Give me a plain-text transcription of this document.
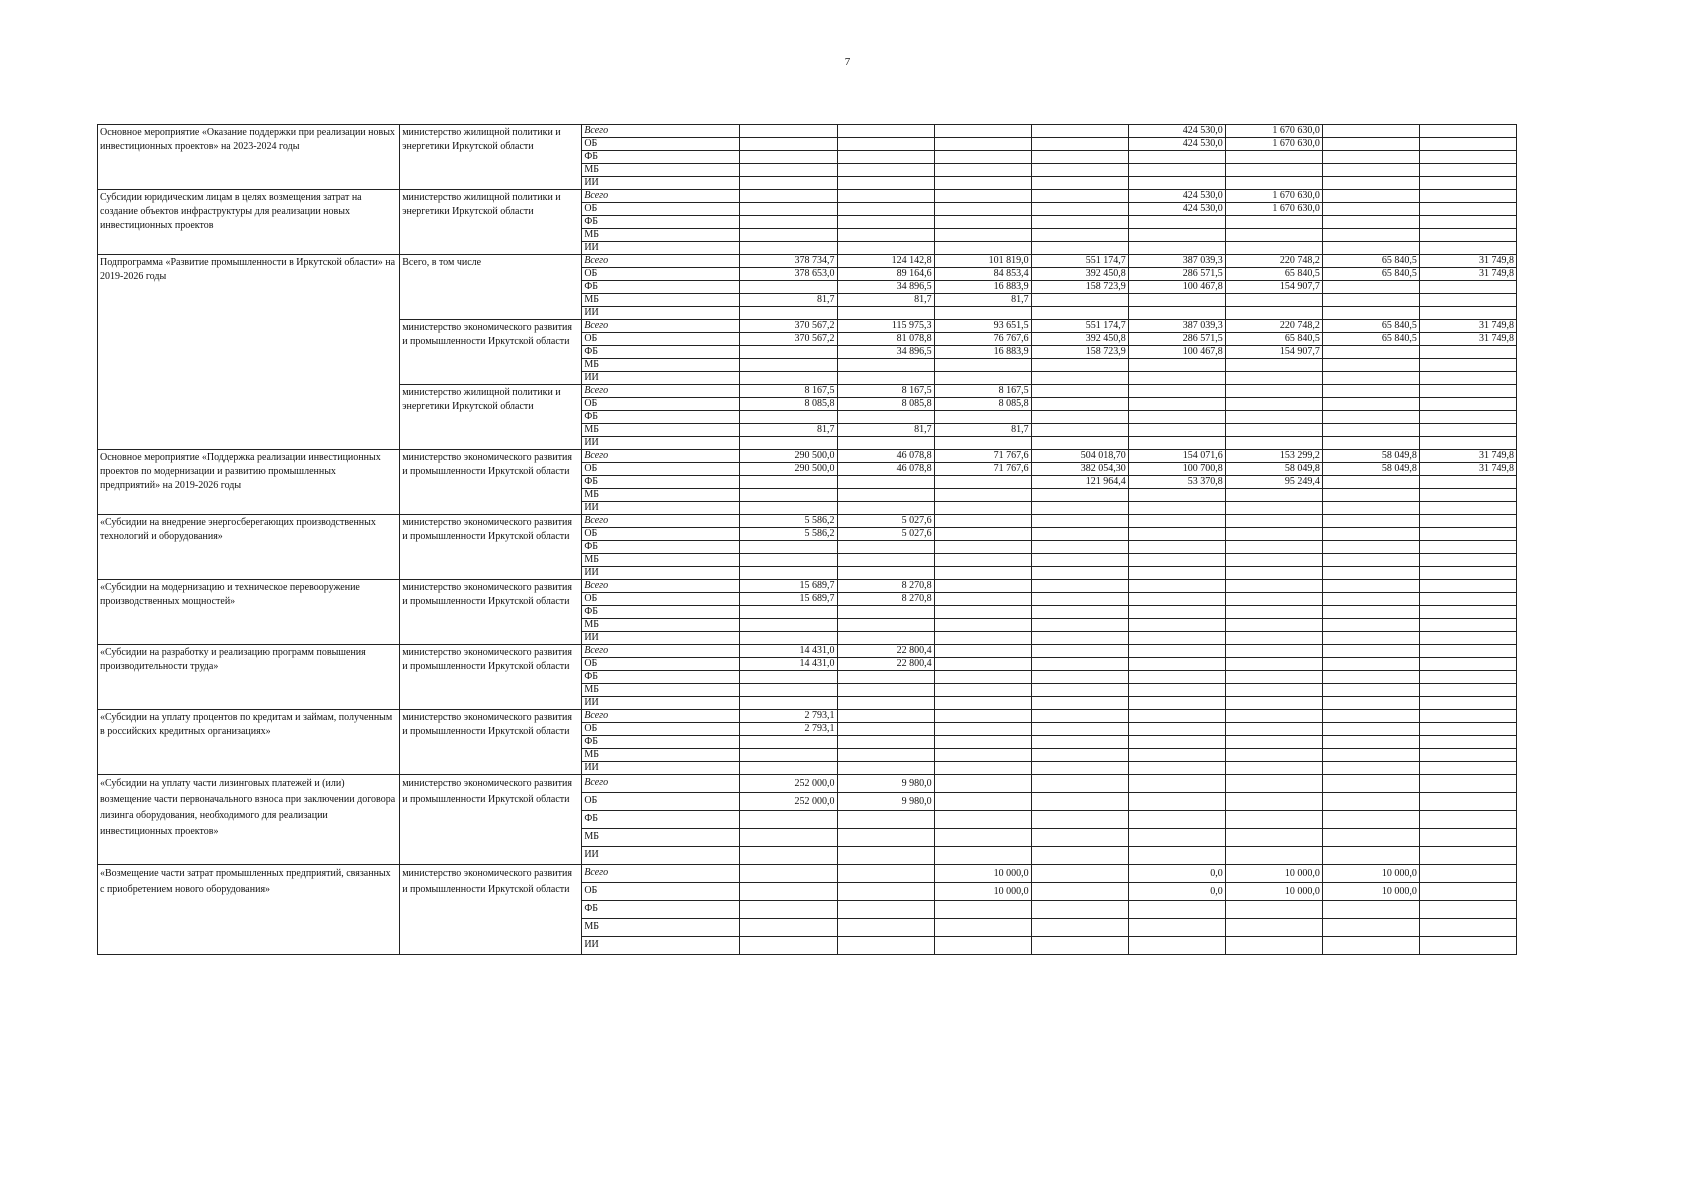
7
Основное мероприятие «Оказание поддержки при реализации новых инвестиционных проектов» на 2023-2024 годы	министерство жилищной политики и энергетики Иркутской области	Всего					424 530,0	1 670 630,0		
		ОБ					424 530,0	1 670 630,0		
		ФБ								
		МБ								
		ИИ								
Субсидии юридическим лицам в целях возмещения затрат на создание объектов инфраструктуры для реализации новых инвестиционных проектов	министерство жилищной политики и энергетики Иркутской области	Всего					424 530,0	1 670 630,0		
		ОБ					424 530,0	1 670 630,0		
		ФБ								
		МБ								
		ИИ								
Подпрограмма «Развитие промышленности в Иркутской области» на 2019-2026 годы	Всего, в том числе	Всего	378 734,7	124 142,8	101 819,0	551 174,7	387 039,3	220 748,2	65 840,5	31 749,8
		ОБ	378 653,0	89 164,6	84 853,4	392 450,8	286 571,5	65 840,5	65 840,5	31 749,8
		ФБ		34 896,5	16 883,9	158 723,9	100 467,8	154 907,7		
		МБ	81,7	81,7	81,7					
		ИИ								
	министерство экономического развития и промышленности Иркутской области	Всего	370 567,2	115 975,3	93 651,5	551 174,7	387 039,3	220 748,2	65 840,5	31 749,8
		ОБ	370 567,2	81 078,8	76 767,6	392 450,8	286 571,5	65 840,5	65 840,5	31 749,8
		ФБ		34 896,5	16 883,9	158 723,9	100 467,8	154 907,7		
		МБ								
		ИИ								
	министерство жилищной политики и энергетики Иркутской области	Всего	8 167,5	8 167,5	8 167,5					
		ОБ	8 085,8	8 085,8	8 085,8					
		ФБ								
		МБ	81,7	81,7	81,7					
		ИИ								
Основное мероприятие «Поддержка реализации инвестиционных проектов по модернизации и развитию промышленных предприятий» на 2019-2026 годы	министерство экономического развития и промышленности Иркутской области	Всего	290 500,0	46 078,8	71 767,6	504 018,70	154 071,6	153 299,2	58 049,8	31 749,8
		ОБ	290 500,0	46 078,8	71 767,6	382 054,30	100 700,8	58 049,8	58 049,8	31 749,8
		ФБ				121 964,4	53 370,8	95 249,4		
		МБ								
		ИИ								
«Субсидии на внедрение энергосберегающих производственных технологий и оборудования»	министерство экономического развития и промышленности Иркутской области	Всего	5 586,2	5 027,6						
		ОБ	5 586,2	5 027,6						
		ФБ								
		МБ								
		ИИ								
«Субсидии на модернизацию и техническое перевооружение производственных мощностей»	министерство экономического развития и промышленности Иркутской области	Всего	15 689,7	8 270,8						
		ОБ	15 689,7	8 270,8						
		ФБ								
		МБ								
		ИИ								
«Субсидии на разработку и реализацию программ повышения производительности труда»	министерство экономического развития и промышленности Иркутской области	Всего	14 431,0	22 800,4						
		ОБ	14 431,0	22 800,4						
		ФБ								
		МБ								
		ИИ								
«Субсидии на уплату процентов по кредитам и займам, полученным в российских кредитных организациях»	министерство экономического развития и промышленности Иркутской области	Всего	2 793,1							
		ОБ	2 793,1							
		ФБ								
		МБ								
		ИИ								
«Субсидии на уплату части лизинговых платежей и (или) возмещение части первоначального взноса при заключении договора лизинга оборудования, необходимого для реализации инвестиционных проектов»	министерство экономического развития и промышленности Иркутской области	Всего	252 000,0	9 980,0						
		ОБ	252 000,0	9 980,0						
		ФБ								
		МБ								
		ИИ								
«Возмещение части затрат промышленных предприятий, связанных с приобретением нового оборудования»	министерство экономического развития и промышленности Иркутской области	Всего			10 000,0		0,0	10 000,0	10 000,0	
		ОБ			10 000,0		0,0	10 000,0	10 000,0	
		ФБ								
		МБ								
		ИИ								
